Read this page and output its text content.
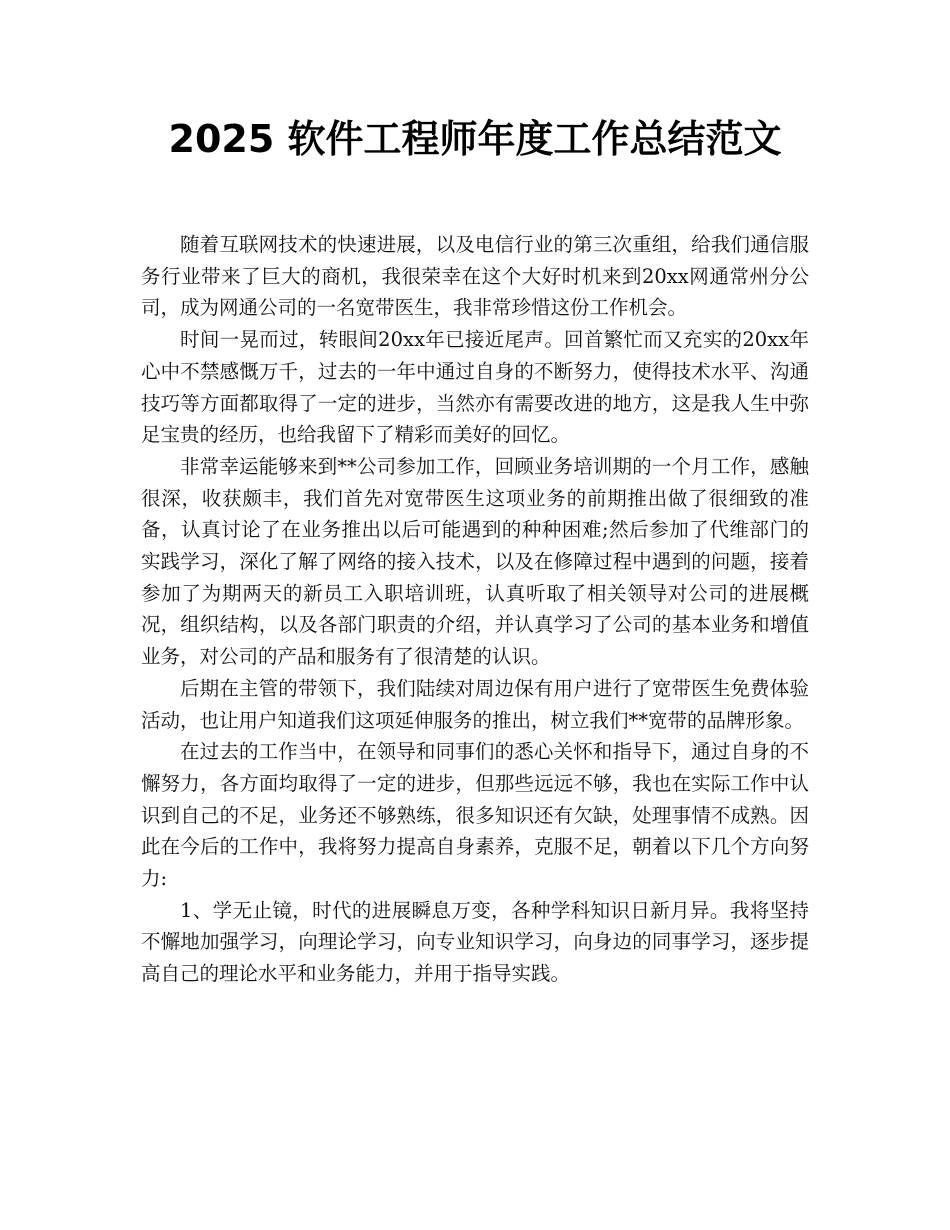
2025 软件工程师年度工作总结范文

随着互联网技术的快速进展，以及电信行业的第三次重组，给我们通信服务行业带来了巨大的商机，我很荣幸在这个大好时机来到20xx网通常州分公司，成为网通公司的一名宽带医生，我非常珍惜这份工作机会。

时间一晃而过，转眼间20xx年已接近尾声。回首繁忙而又充实的20xx年心中不禁感慨万千，过去的一年中通过自身的不断努力，使得技术水平、沟通技巧等方面都取得了一定的进步，当然亦有需要改进的地方，这是我人生中弥足宝贵的经历，也给我留下了精彩而美好的回忆。

非常幸运能够来到**公司参加工作，回顾业务培训期的一个月工作，感触很深，收获颇丰，我们首先对宽带医生这项业务的前期推出做了很细致的准备，认真讨论了在业务推出以后可能遇到的种种困难;然后参加了代维部门的实践学习，深化了解了网络的接入技术，以及在修障过程中遇到的问题，接着参加了为期两天的新员工入职培训班，认真听取了相关领导对公司的进展概况，组织结构，以及各部门职责的介绍，并认真学习了公司的基本业务和增值业务，对公司的产品和服务有了很清楚的认识。

后期在主管的带领下，我们陆续对周边保有用户进行了宽带医生免费体验活动，也让用户知道我们这项延伸服务的推出，树立我们**宽带的品牌形象。

在过去的工作当中，在领导和同事们的悉心关怀和指导下，通过自身的不懈努力，各方面均取得了一定的进步，但那些远远不够，我也在实际工作中认识到自己的不足，业务还不够熟练，很多知识还有欠缺，处理事情不成熟。因此在今后的工作中，我将努力提高自身素养，克服不足，朝着以下几个方向努力:

1、学无止镜，时代的进展瞬息万变，各种学科知识日新月异。我将坚持不懈地加强学习，向理论学习，向专业知识学习，向身边的同事学习，逐步提高自己的理论水平和业务能力，并用于指导实践。
